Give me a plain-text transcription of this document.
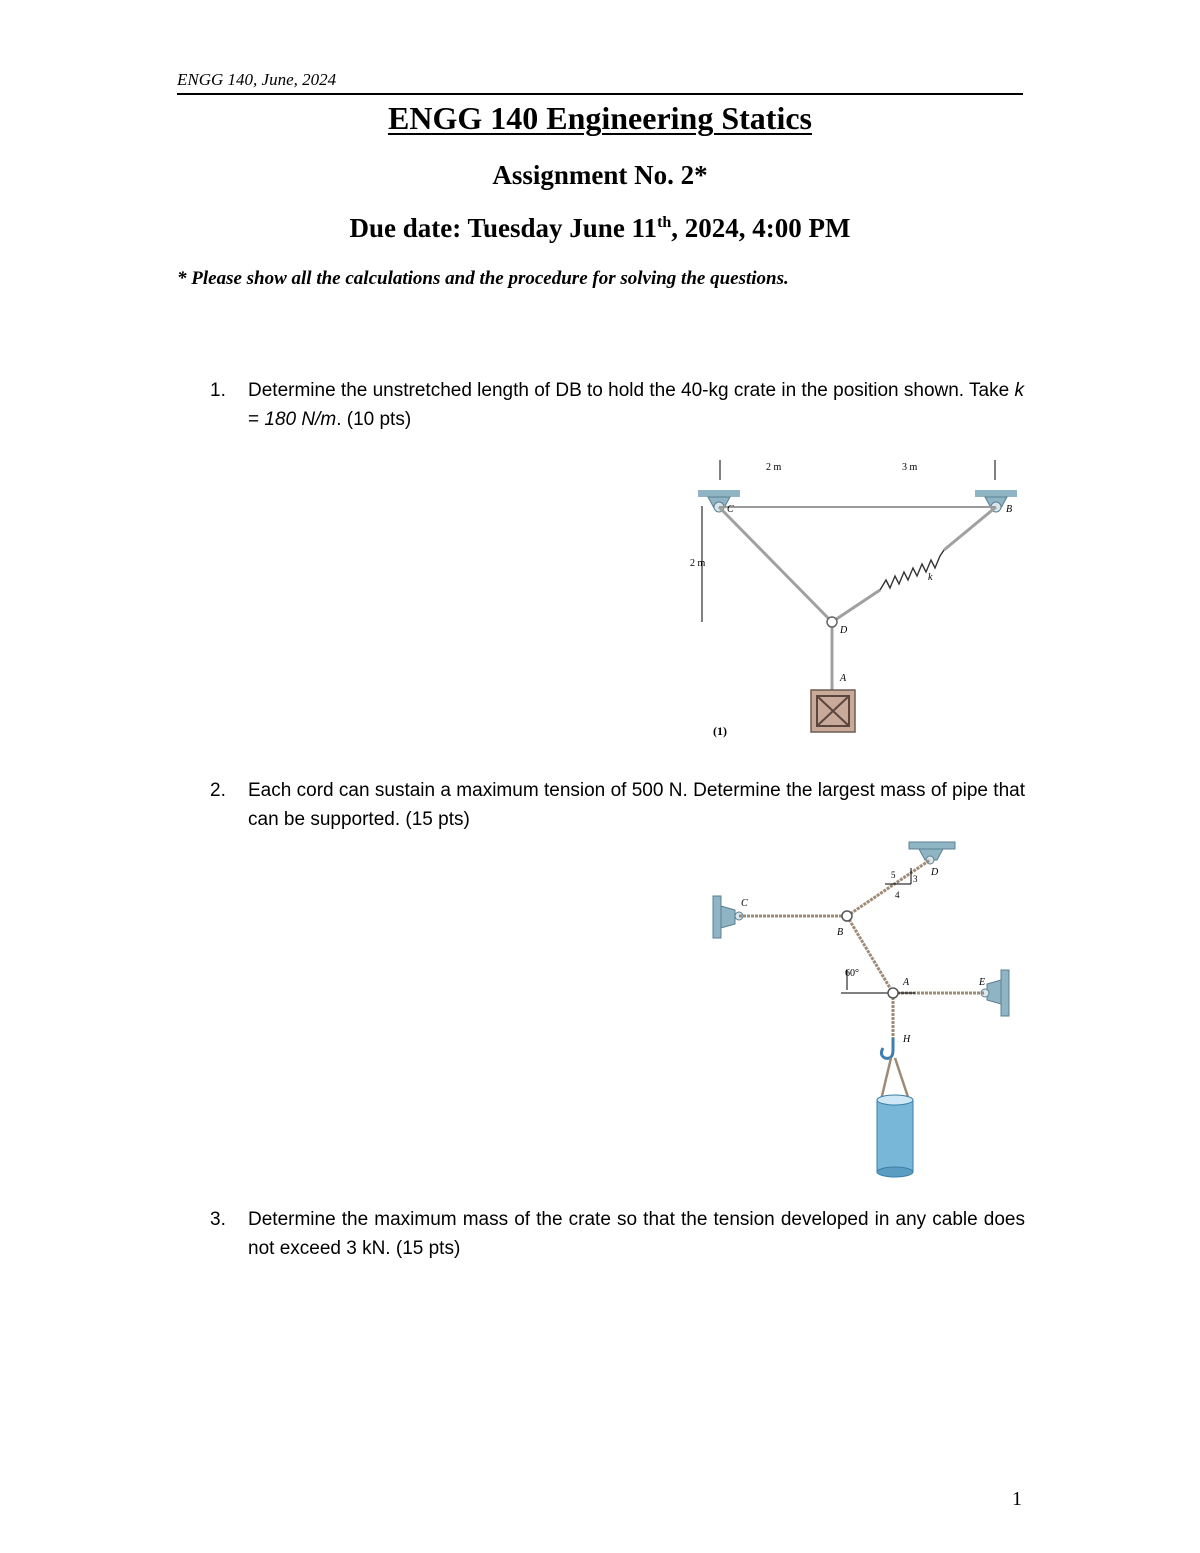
ENGG 140, June, 2024
ENGG 140 Engineering Statics
Assignment No. 2*
Due date: Tuesday June 11th, 2024, 4:00 PM
* Please show all the calculations and the procedure for solving the questions.
1. Determine the unstretched length of DB to hold the 40-kg crate in the position shown. Take k = 180 N/m. (10 pts)
2 m	3 m
2 m
C	B
D
A
k
(1)
2. Each cord can sustain a maximum tension of 500 N. Determine the largest mass of pipe that can be supported. (15 pts)
C
B
D
A	E
H
60°
5
4
3
3. Determine the maximum mass of the crate so that the tension developed in any cable does not exceed 3 kN. (15 pts)
1
